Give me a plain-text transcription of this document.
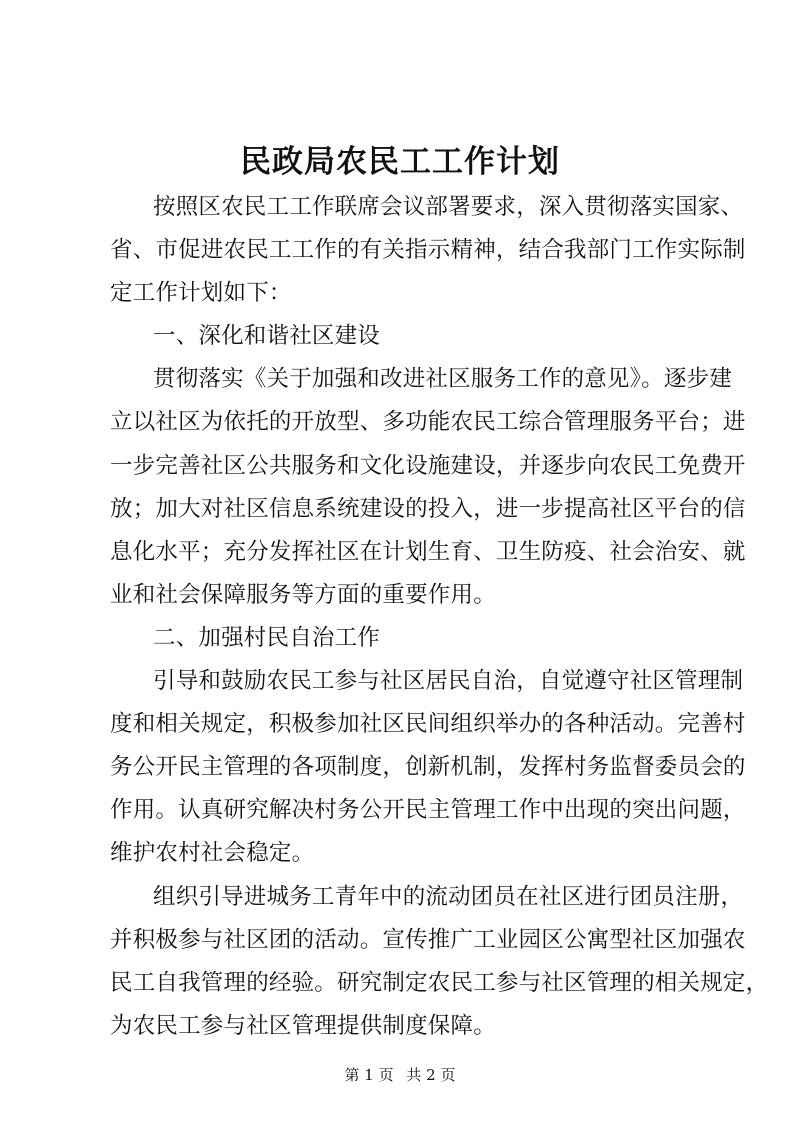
民政局农民工工作计划
按照区农民工工作联席会议部署要求，深入贯彻落实国家、
省、市促进农民工工作的有关指示精神，结合我部门工作实际制
定工作计划如下：
一、深化和谐社区建设
贯彻落实《关于加强和改进社区服务工作的意见》。逐步建
立以社区为依托的开放型、多功能农民工综合管理服务平台；进
一步完善社区公共服务和文化设施建设，并逐步向农民工免费开
放；加大对社区信息系统建设的投入，进一步提高社区平台的信
息化水平；充分发挥社区在计划生育、卫生防疫、社会治安、就
业和社会保障服务等方面的重要作用。
二、加强村民自治工作
引导和鼓励农民工参与社区居民自治，自觉遵守社区管理制
度和相关规定，积极参加社区民间组织举办的各种活动。完善村
务公开民主管理的各项制度，创新机制，发挥村务监督委员会的
作用。认真研究解决村务公开民主管理工作中出现的突出问题，
维护农村社会稳定。
组织引导进城务工青年中的流动团员在社区进行团员注册，
并积极参与社区团的活动。宣传推广工业园区公寓型社区加强农
民工自我管理的经验。研究制定农民工参与社区管理的相关规定，
为农民工参与社区管理提供制度保障。
第 1 页 共 2 页
